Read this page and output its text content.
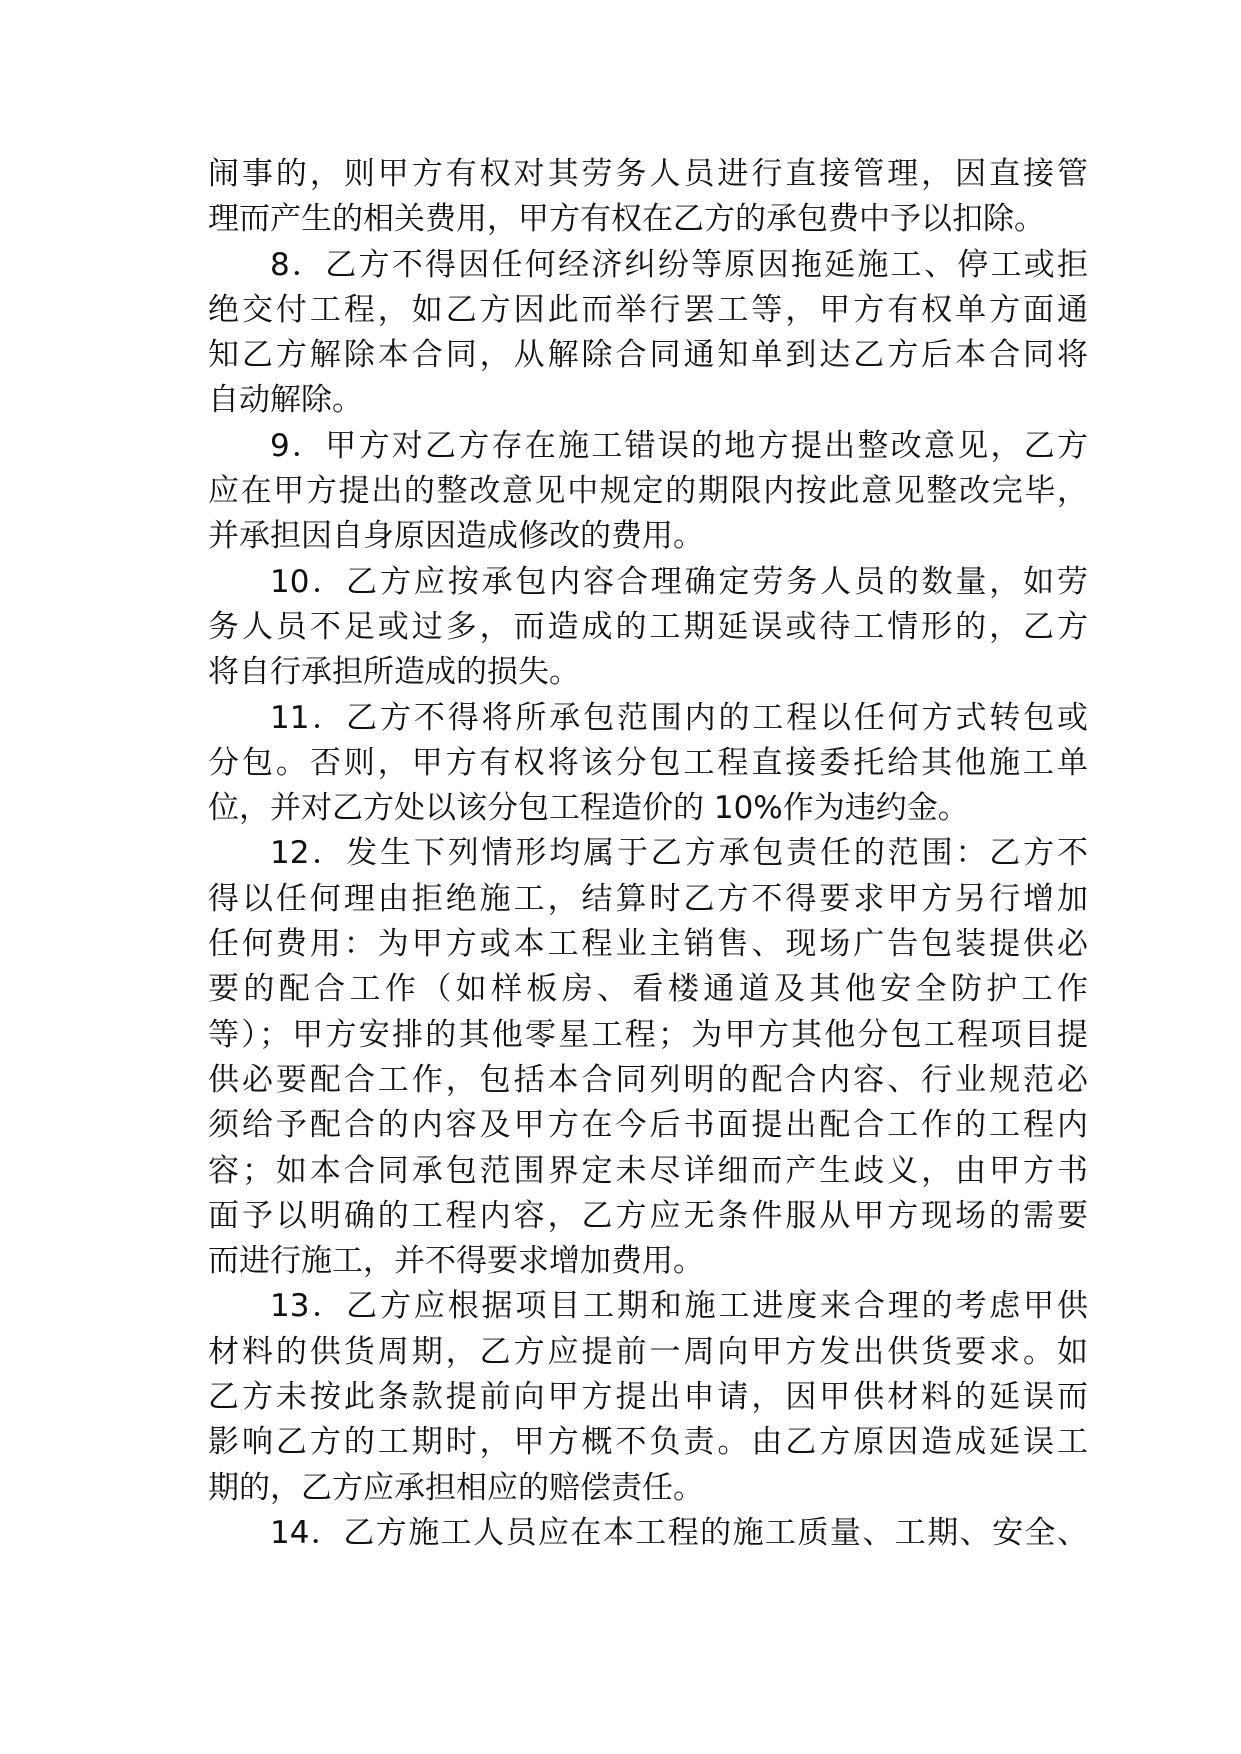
闹事的，则甲方有权对其劳务人员进行直接管理，因直接管
理而产生的相关费用，甲方有权在乙方的承包费中予以扣除。
8．乙方不得因任何经济纠纷等原因拖延施工、停工或拒
绝交付工程，如乙方因此而举行罢工等，甲方有权单方面通
知乙方解除本合同，从解除合同通知单到达乙方后本合同将
自动解除。
9．甲方对乙方存在施工错误的地方提出整改意见，乙方
应在甲方提出的整改意见中规定的期限内按此意见整改完毕，
并承担因自身原因造成修改的费用。
10．乙方应按承包内容合理确定劳务人员的数量，如劳
务人员不足或过多，而造成的工期延误或待工情形的，乙方
将自行承担所造成的损失。
11．乙方不得将所承包范围内的工程以任何方式转包或
分包。否则，甲方有权将该分包工程直接委托给其他施工单
位，并对乙方处以该分包工程造价的 10%作为违约金。
12．发生下列情形均属于乙方承包责任的范围：乙方不
得以任何理由拒绝施工，结算时乙方不得要求甲方另行增加
任何费用：为甲方或本工程业主销售、现场广告包装提供必
要的配合工作（如样板房、看楼通道及其他安全防护工作
等）；甲方安排的其他零星工程；为甲方其他分包工程项目提
供必要配合工作，包括本合同列明的配合内容、行业规范必
须给予配合的内容及甲方在今后书面提出配合工作的工程内
容；如本合同承包范围界定未尽详细而产生歧义，由甲方书
面予以明确的工程内容，乙方应无条件服从甲方现场的需要
而进行施工，并不得要求增加费用。
13．乙方应根据项目工期和施工进度来合理的考虑甲供
材料的供货周期，乙方应提前一周向甲方发出供货要求。如
乙方未按此条款提前向甲方提出申请，因甲供材料的延误而
影响乙方的工期时，甲方概不负责。由乙方原因造成延误工
期的，乙方应承担相应的赔偿责任。
14．乙方施工人员应在本工程的施工质量、工期、安全、
